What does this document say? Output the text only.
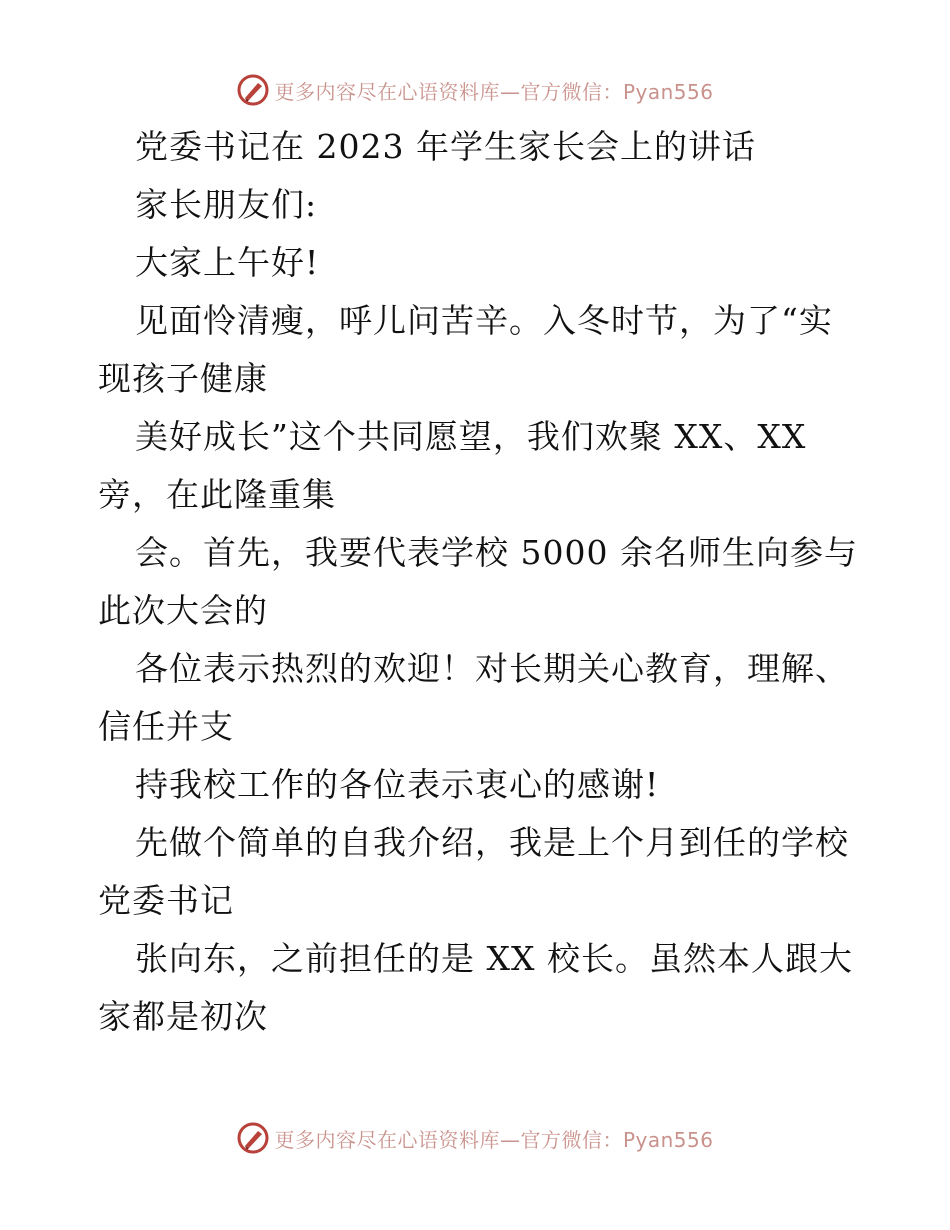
更多内容尽在心语资料库—官方微信：Pyan556
党委书记在 2023 年学生家长会上的讲话
家长朋友们:
大家上午好!
见面怜清瘦，呼儿问苦辛。入冬时节，为了“实
现孩子健康
美好成长”这个共同愿望，我们欢聚 XX、XX
旁，在此隆重集
会。首先，我要代表学校 5000 余名师生向参与
此次大会的
各位表示热烈的欢迎！对长期关心教育，理解、
信任并支
持我校工作的各位表示衷心的感谢!
先做个简单的自我介绍，我是上个月到任的学校
党委书记
张向东，之前担任的是 XX 校长。虽然本人跟大
家都是初次
更多内容尽在心语资料库—官方微信：Pyan556
